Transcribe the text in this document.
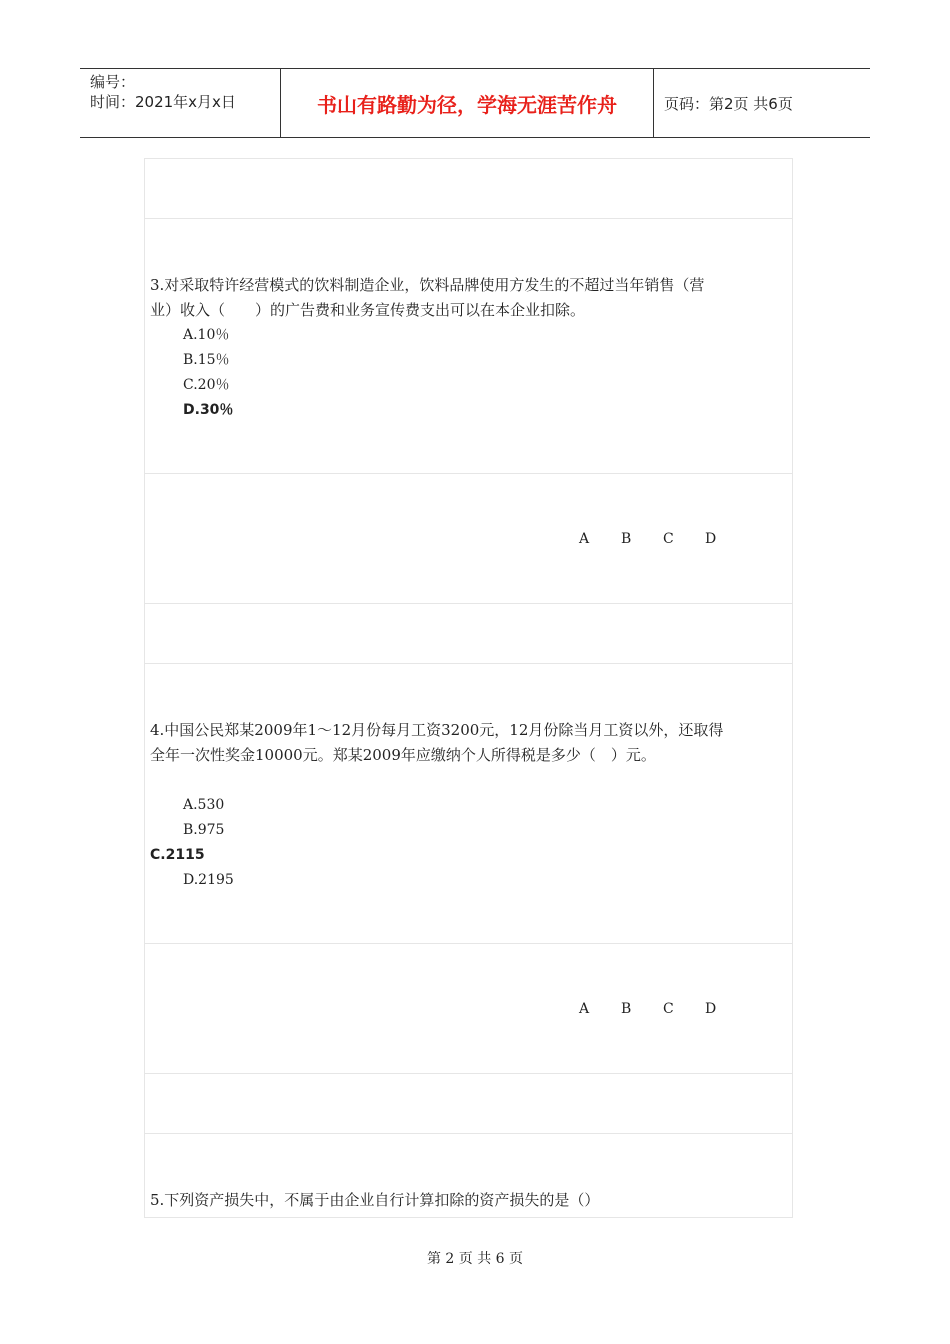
编号：
时间：2021年x月x日	书山有路勤为径，学海无涯苦作舟	页码：第2页 共6页
3.对采取特许经营模式的饮料制造企业，饮料品牌使用方发生的不超过当年销售（营
业）收入（　　）的广告费和业务宣传费支出可以在本企业扣除。
A.10％
B.15％
C.20％
D.30％
A B C D
4.中国公民郑某2009年1～12月份每月工资3200元，12月份除当月工资以外，还取得
全年一次性奖金10000元。郑某2009年应缴纳个人所得税是多少（　）元。
A.530
B.975
C.2115
D.2195
A B C D
5.下列资产损失中，不属于由企业自行计算扣除的资产损失的是（）
第 2 页 共 6 页
